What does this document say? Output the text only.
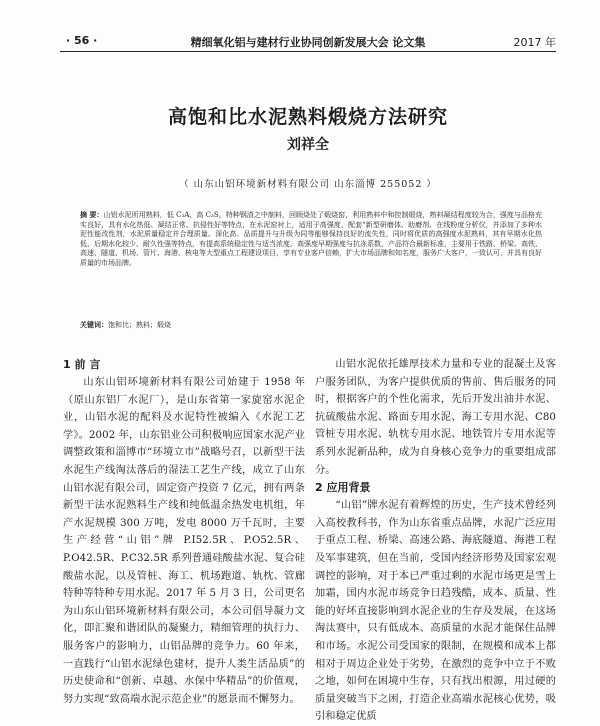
· 56 ·	精细氧化铝与建材行业协同创新发展大会 论文集	2017 年
高饱和比水泥熟料煅烧方法研究
刘祥全
（ 山东山铝环境新材料有限公司 山东淄博 255052 ）
摘 要：山铝水泥所用熟料，低 C₃A、高 C₃S，特种钢渣之中制料，回顾烧处了煅烧窑，利用熟料中和控制煅烧，熟料凝结程度较为合，强度与品格充实良好，具有水化热低、凝结正常、抗侵性好等特点，在水泥窑衬上，适用于高强度、配套“新型研磨体、助磨剂、在线粉度分析仪，并添加了多种水泥性能改性剂，水泥质量稳定并合理质量。深化高、品质提升与升级为同等能够保持良好的流失性，同时将优质的高强度水泥熟料，其有早期水化热低、后期水化较少、耐久性强等特点，有提高系统稳定性与适当浓度、高强度早期强度与抗冻系数，产品符合最新标准，主要用于铁路、桥梁、高铁、高速、隧道、机场、管片、海港、核电等大型重点工程建设项目，享有专业客户信赖，扩大市场品牌和知名度，服务广大客户，一致认可，并具有良好质量的市场品牌。
关键词：饱和比；熟料；煅烧
1 前 言

山东山铝环境新材料有限公司始建于 1958 年（原山东铝厂水泥厂），是山东省第一家旋窑水泥企业，山铝水泥的配料及水泥特性被编入《水泥工艺学》。2002 年，山东铝业公司积极响应国家水泥产业调整政策和淄博市“环境立市”战略号召，以新型干法水泥生产线淘汰落后的湿法工艺生产线，成立了山东山铝水泥有限公司，固定资产投资 7 亿元，拥有两条新型干法水泥熟料生产线和纯低温余热发电机组，年产水泥规模 300 万吨，发电 8000 万千瓦时，主要生产经营“山铝”牌 P.I52.5R、P.O52.5R、P.O42.5R、P.C32.5R 系列普通硅酸盐水泥、复合硅酸盐水泥，以及管桩、海工、机场跑道、轨枕、管廊特种等特种专用水泥。2017 年 5 月 3 日，公司更名为山东山铝环境新材料有限公司，本公司倡导凝力文化，即汇聚和谐团队的凝聚力，精细管理的执行力、服务客户的影响力，山铝品牌的竞争力。60 年来，一直践行“山铝水泥绿色建材，提升人类生活品质”的历史使命和“创新、卓越、水保中华精品”的价值观，努力实现“致高端水泥示范企业”的愿景而不懈努力。

山铝水泥依托雄厚技术力量和专业的混凝土及客户服务团队，为客户提供优质的售前、售后服务的同时，根据客户的个性化需求，先后开发出油井水泥、抗硫酸盐水泥、路面专用水泥、海工专用水泥、C80 管桩专用水泥、轨枕专用水泥、地铁管片专用水泥等系列水泥新品种，成为自身核心竞争力的重要组成部分。

2 应用背景

“山铝”牌水泥有着辉煌的历史，生产技术曾经列入高校教科书，作为山东省重点品牌，水泥广泛应用于重点工程、桥梁、高速公路、海底隧道、海港工程及军事建筑，但在当前，受国内经济形势及国家宏观调控的影响，对于本已严重过剩的水泥市场更是雪上加霜，国内水泥市场竞争日趋残酷，成本、质量、性能的好坏直接影响到水泥企业的生存及发展，在这场淘汰赛中，只有低成本、高质量的水泥才能保住品牌和市场。水泥公司受国家的限制，在规模和成本上都相对于周边企业处于劣势，在激烈的竞争中立于不败之地，如何在困境中生存，只有找出根源，用过硬的质量突破当下之困，打造企业高端水泥核心优势，吸引和稳定优质
